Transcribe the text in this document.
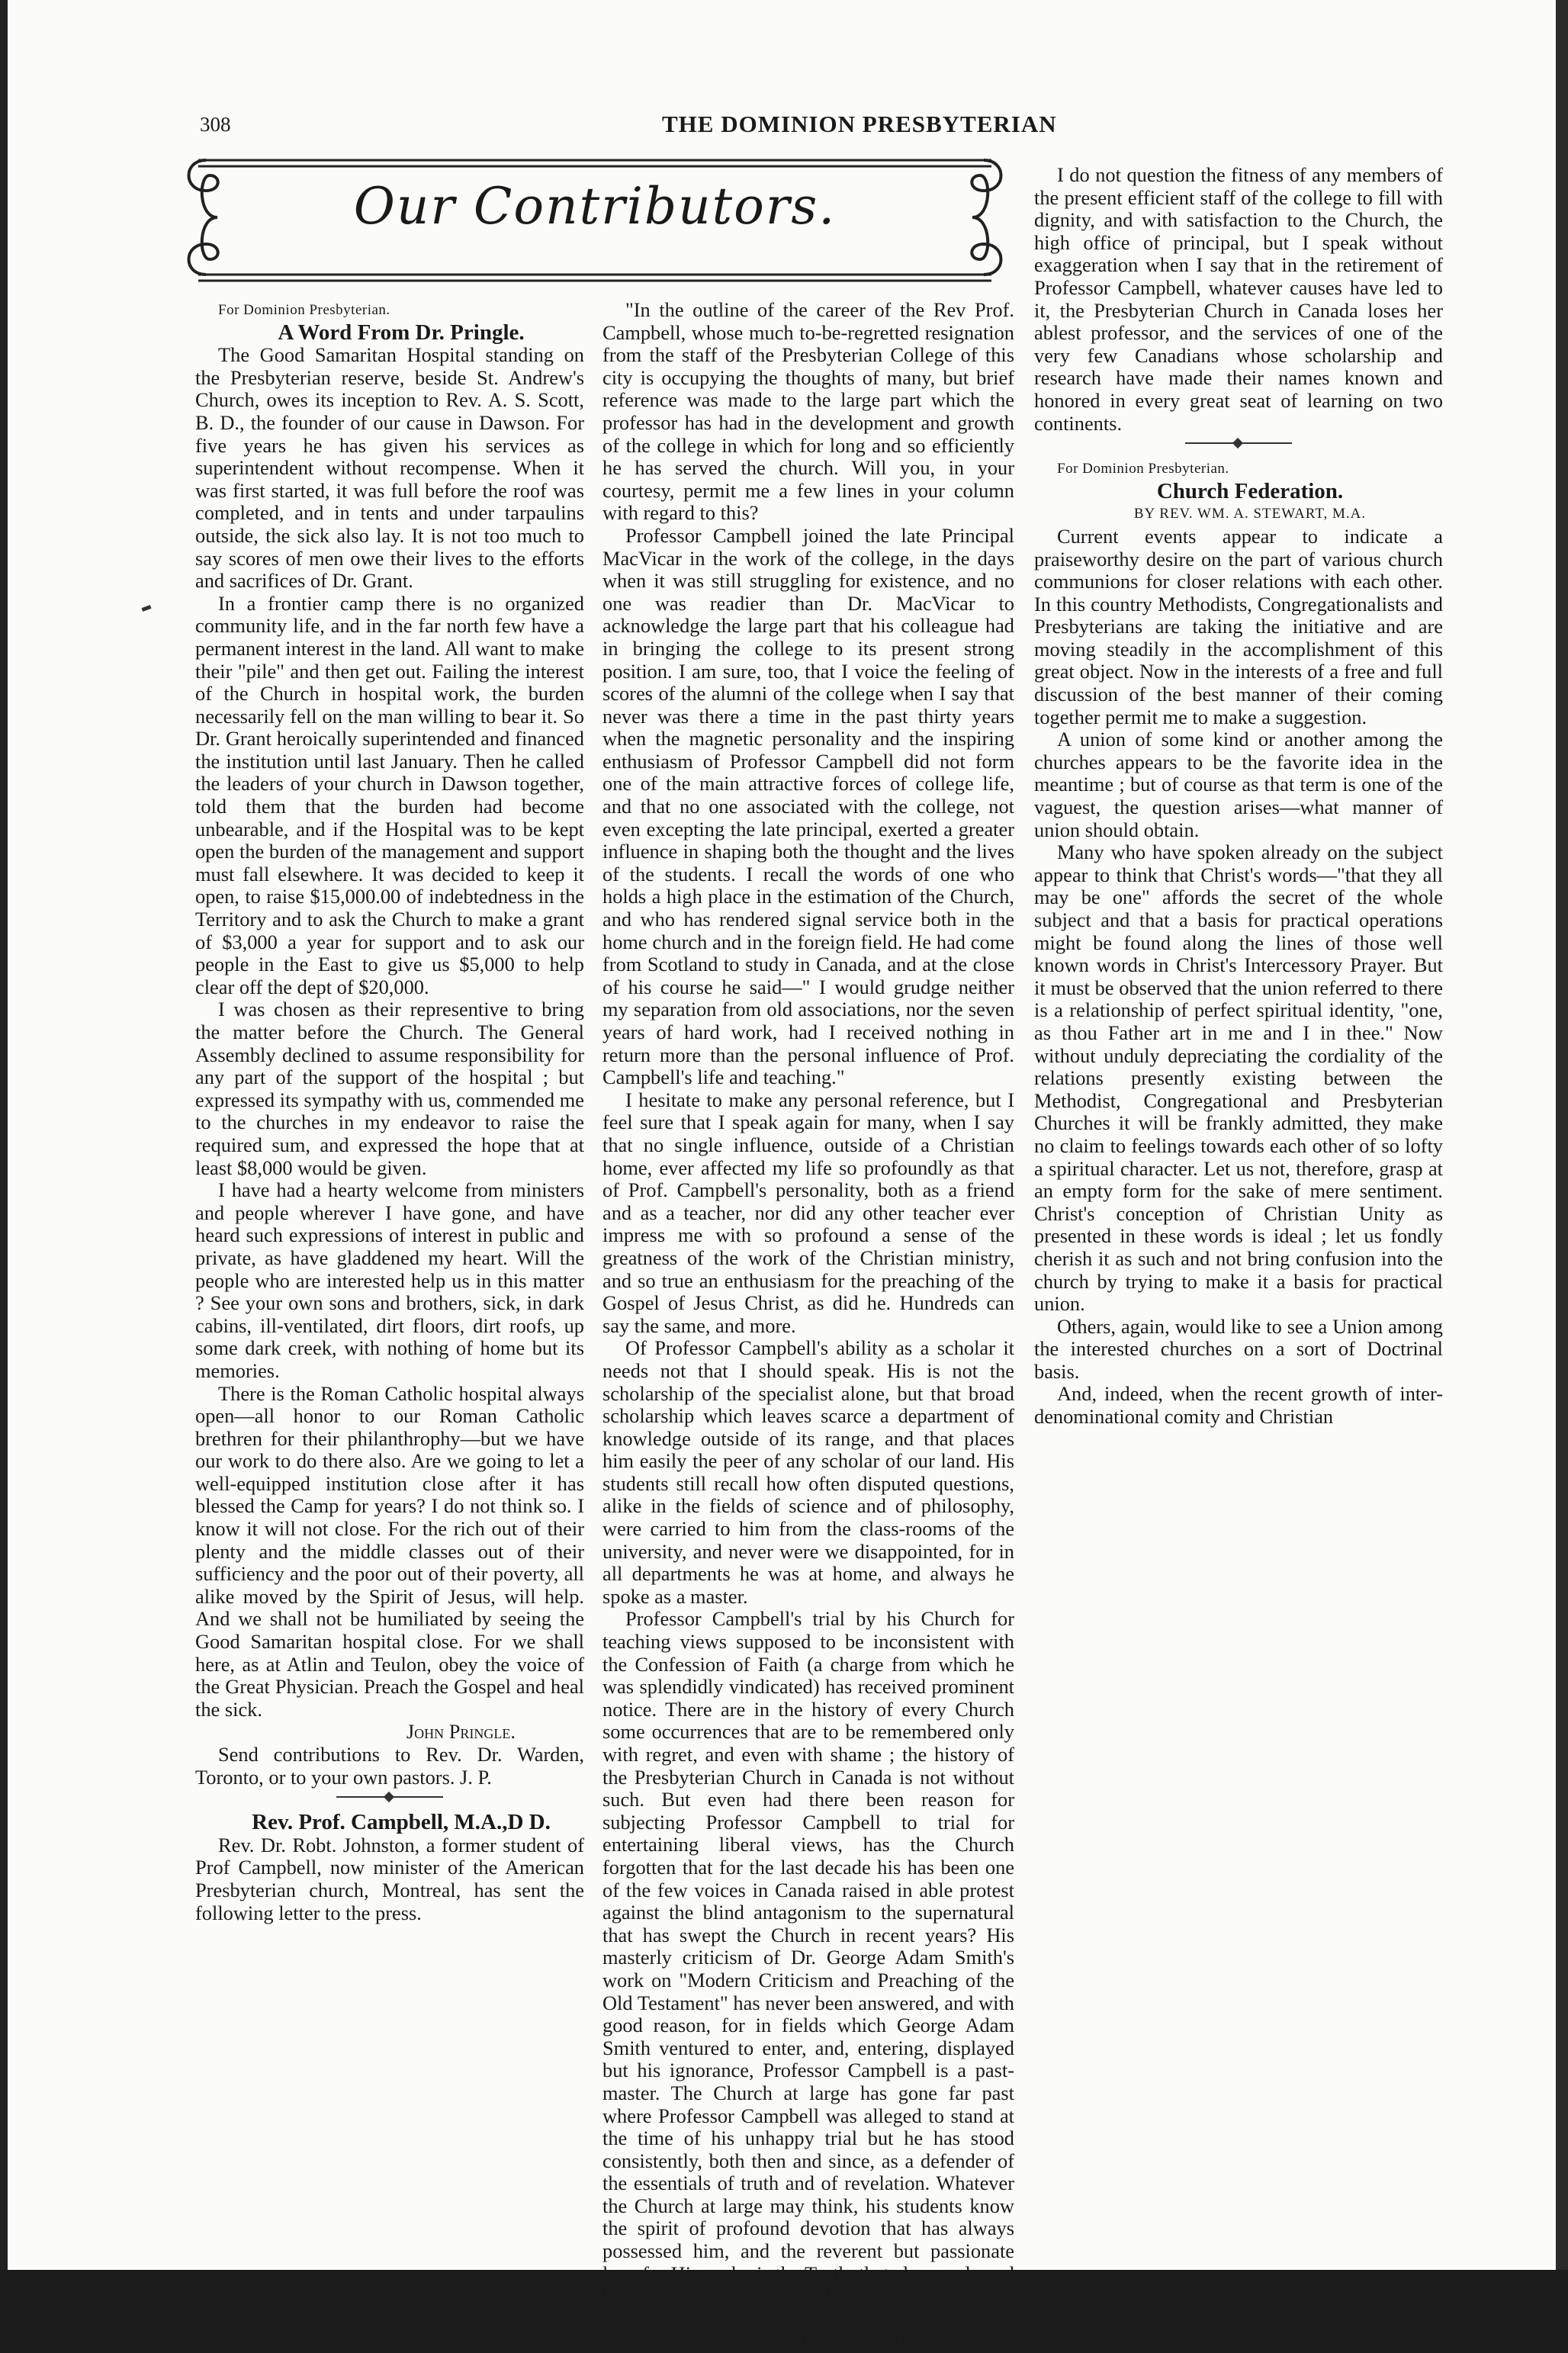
308	THE DOMINION PRESBYTERIAN
Our Contributors.

For Dominion Presbyterian.

A Word From Dr. Pringle.

The Good Samaritan Hospital standing on the Presbyterian reserve, beside St. Andrew's Church, owes its inception to Rev. A. S. Scott, B. D., the founder of our cause in Dawson. For five years he has given his services as superintendent without recompense. When it was first started, it was full before the roof was completed, and in tents and under tarpaulins outside, the sick also lay. It is not too much to say scores of men owe their lives to the efforts and sacrifices of Dr. Grant.

In a frontier camp there is no organized community life, and in the far north few have a permanent interest in the land. All want to make their "pile" and then get out. Failing the interest of the Church in hospital work, the burden necessarily fell on the man willing to bear it. So Dr. Grant heroically superintended and financed the institution until last January. Then he called the leaders of your church in Dawson together, told them that the burden had become unbearable, and if the Hospital was to be kept open the burden of the management and support must fall elsewhere. It was decided to keep it open, to raise $15,000.00 of indebtedness in the Territory and to ask the Church to make a grant of $3,000 a year for support and to ask our people in the East to give us $5,000 to help clear off the dept of $20,000.

I was chosen as their representive to bring the matter before the Church. The General Assembly declined to assume responsibility for any part of the support of the hospital ; but expressed its sympathy with us, commended me to the churches in my endeavor to raise the required sum, and expressed the hope that at least $8,000 would be given.

I have had a hearty welcome from ministers and people wherever I have gone, and have heard such expressions of interest in public and private, as have gladdened my heart. Will the people who are interested help us in this matter ? See your own sons and brothers, sick, in dark cabins, ill-ventilated, dirt floors, dirt roofs, up some dark creek, with nothing of home but its memories.

There is the Roman Catholic hospital always open—all honor to our Roman Catholic brethren for their philanthrophy—but we have our work to do there also. Are we going to let a well-equipped institution close after it has blessed the Camp for years? I do not think so. I know it will not close. For the rich out of their plenty and the middle classes out of their sufficiency and the poor out of their poverty, all alike moved by the Spirit of Jesus, will help. And we shall not be humiliated by seeing the Good Samaritan hospital close. For we shall here, as at Atlin and Teulon, obey the voice of the Great Physician. Preach the Gospel and heal the sick.

John Pringle.

Send contributions to Rev. Dr. Warden, Toronto, or to your own pastors. J. P.

Rev. Prof. Campbell, M.A.,D D.

Rev. Dr. Robt. Johnston, a former student of Prof Campbell, now minister of the American Presbyterian church, Montreal, has sent the following letter to the press.

"In the outline of the career of the Rev Prof. Campbell, whose much to-be-regretted resignation from the staff of the Presbyterian College of this city is occupying the thoughts of many, but brief reference was made to the large part which the professor has had in the development and growth of the college in which for long and so efficiently he has served the church. Will you, in your courtesy, permit me a few lines in your column with regard to this?

Professor Campbell joined the late Principal MacVicar in the work of the college, in the days when it was still struggling for existence, and no one was readier than Dr. MacVicar to acknowledge the large part that his colleague had in bringing the college to its present strong position. I am sure, too, that I voice the feeling of scores of the alumni of the college when I say that never was there a time in the past thirty years when the magnetic personality and the inspiring enthusiasm of Professor Campbell did not form one of the main attractive forces of college life, and that no one associated with the college, not even excepting the late principal, exerted a greater influence in shaping both the thought and the lives of the students. I recall the words of one who holds a high place in the estimation of the Church, and who has rendered signal service both in the home church and in the foreign field. He had come from Scotland to study in Canada, and at the close of his course he said—" I would grudge neither my separation from old associations, nor the seven years of hard work, had I received nothing in return more than the personal influence of Prof. Campbell's life and teaching."

I hesitate to make any personal reference, but I feel sure that I speak again for many, when I say that no single influence, outside of a Christian home, ever affected my life so profoundly as that of Prof. Campbell's personality, both as a friend and as a teacher, nor did any other teacher ever impress me with so profound a sense of the greatness of the work of the Christian ministry, and so true an enthusiasm for the preaching of the Gospel of Jesus Christ, as did he. Hundreds can say the same, and more.

Of Professor Campbell's ability as a scholar it needs not that I should speak. His is not the scholarship of the specialist alone, but that broad scholarship which leaves scarce a department of knowledge outside of its range, and that places him easily the peer of any scholar of our land. His students still recall how often disputed questions, alike in the fields of science and of philosophy, were carried to him from the class-rooms of the university, and never were we disappointed, for in all departments he was at home, and always he spoke as a master.

Professor Campbell's trial by his Church for teaching views supposed to be inconsistent with the Confession of Faith (a charge from which he was splendidly vindicated) has received prominent notice. There are in the history of every Church some occurrences that are to be remembered only with regret, and even with shame ; the history of the Presbyterian Church in Canada is not without such. But even had there been reason for subjecting Professor Campbell to trial for entertaining liberal views, has the Church forgotten that for the last decade his has been one of the few voices in Canada raised in able protest against the blind antagonism to the supernatural that has swept the Church in recent years? His masterly criticism of Dr. George Adam Smith's work on "Modern Criticism and Preaching of the Old Testament" has never been answered, and with good reason, for in fields which George Adam Smith ventured to enter, and, entering, displayed but his ignorance, Professor Campbell is a past-master. The Church at large has gone far past where Professor Campbell was alleged to stand at the time of his unhappy trial but he has stood consistently, both then and since, as a defender of the essentials of truth and of revelation. Whatever the Church at large may think, his students know the spirit of profound devotion that has always possessed him, and the reverent but passionate love for Him, who is the Truth, that always glowed both from his life and in his teachings—a spirit that even more than his masterly discussions impressed and quickened many a dull heart.

I do not question the fitness of any members of the present efficient staff of the college to fill with dignity, and with satisfaction to the Church, the high office of principal, but I speak without exaggeration when I say that in the retirement of Professor Campbell, whatever causes have led to it, the Presbyterian Church in Canada loses her ablest professor, and the services of one of the very few Canadians whose scholarship and research have made their names known and honored in every great seat of learning on two continents.

For Dominion Presbyterian.

Church Federation.

BY REV. WM. A. STEWART, M.A.

Current events appear to indicate a praiseworthy desire on the part of various church communions for closer relations with each other. In this country Methodists, Congregationalists and Presbyterians are taking the initiative and are moving steadily in the accomplishment of this great object. Now in the interests of a free and full discussion of the best manner of their coming together permit me to make a suggestion.

A union of some kind or another among the churches appears to be the favorite idea in the meantime ; but of course as that term is one of the vaguest, the question arises—what manner of union should obtain.

Many who have spoken already on the subject appear to think that Christ's words—"that they all may be one" affords the secret of the whole subject and that a basis for practical operations might be found along the lines of those well known words in Christ's Intercessory Prayer. But it must be observed that the union referred to there is a relationship of perfect spiritual identity, "one, as thou Father art in me and I in thee." Now without unduly depreciating the cordiality of the relations presently existing between the Methodist, Congregational and Presbyterian Churches it will be frankly admitted, they make no claim to feelings towards each other of so lofty a spiritual character. Let us not, therefore, grasp at an empty form for the sake of mere sentiment. Christ's conception of Christian Unity as presented in these words is ideal ; let us fondly cherish it as such and not bring confusion into the church by trying to make it a basis for practical union.

Others, again, would like to see a Union among the interested churches on a sort of Doctrinal basis.

And, indeed, when the recent growth of inter-denominational comity and Christian
